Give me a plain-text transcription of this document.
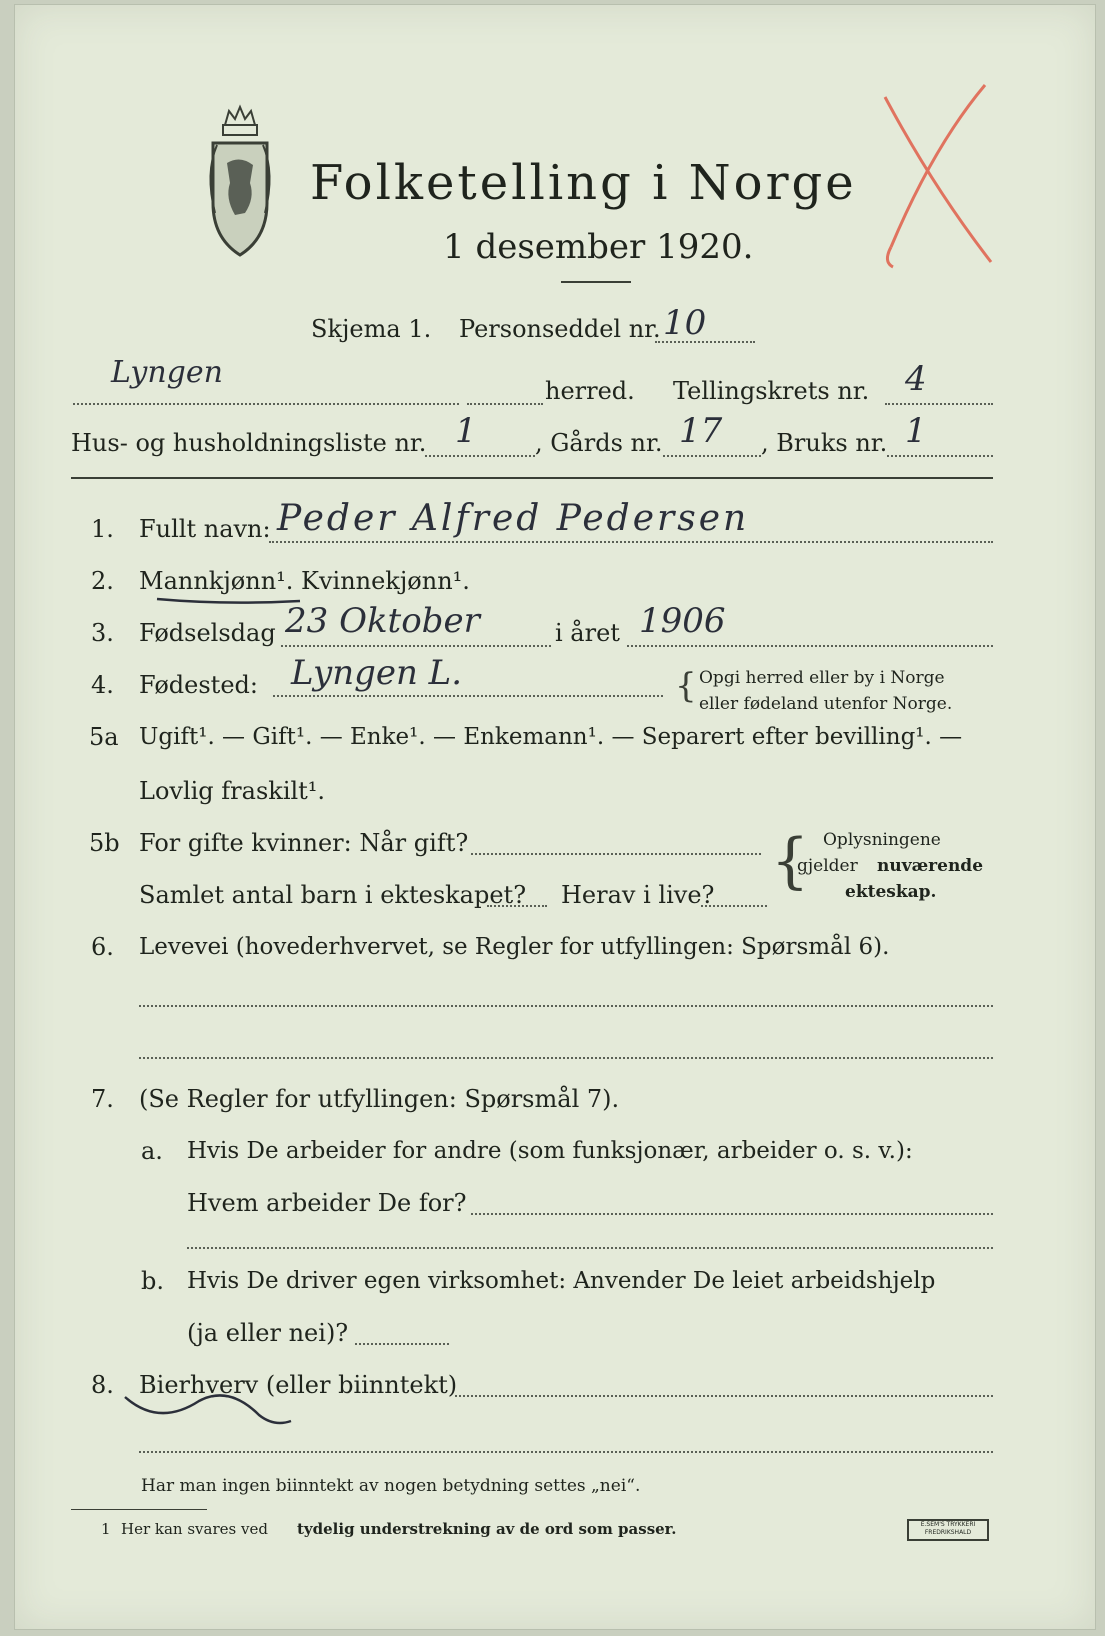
Folketelling i Norge
1 desember 1920.
Skjema 1. Personseddel nr. 10
Lyngen
herred. Tellingskrets nr. 4
Hus- og husholdningsliste nr. 1 , Gårds nr. 17 , Bruks nr. 1
1. Fullt navn: Peder Alfred Pedersen
2. Mannkjønn¹. Kvinnekjønn¹.
3. Fødselsdag 23 Oktober	i året 1906
4. Fødested: Lyngen L.	{ Opgi herred eller by i Norge
eller fødeland utenfor Norge.
5a Ugift¹. — Gift¹. — Enke¹. — Enkemann¹. — Separert efter bevilling¹. —
Lovlig fraskilt¹.
5b For gifte kvinner: Når gift?
Samlet antal barn i ekteskapet? Herav i live? { Oplysningene
gjelder nuværende
ekteskap.
6. Levevei (hovederhvervet, se Regler for utfyllingen: Spørsmål 6).
7. (Se Regler for utfyllingen: Spørsmål 7).
a. Hvis De arbeider for andre (som funksjonær, arbeider o. s. v.):
Hvem arbeider De for?
b. Hvis De driver egen virksomhet: Anvender De leiet arbeidshjelp
(ja eller nei)?
8. Bierhverv (eller biinntekt)
Har man ingen biinntekt av nogen betydning settes „nei“.
1 Her kan svares ved tydelig understrekning av de ord som passer.	E.SEM'S TRYKKERI FREDRIKSHALD
